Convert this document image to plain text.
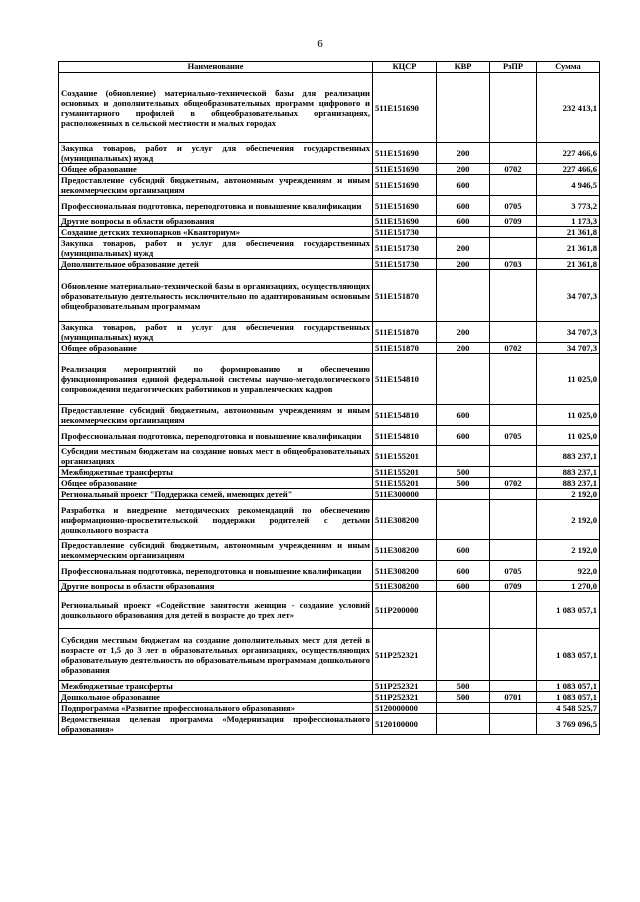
6
Наименование	КЦСР	КВР	РзПР	Сумма
Создание (обновление) материально-технической базы для реализации основных и дополнительных общеобразовательных программ цифрового и гуманитарного профилей в общеобразовательных организациях, расположенных в сельской местности и малых городах	511E151690			232 413,1
Закупка товаров, работ и услуг для обеспечения государственных (муниципальных) нужд	511E151690	200		227 466,6
Общее образование	511E151690	200	0702	227 466,6
Предоставление субсидий бюджетным, автономным учреждениям и иным некоммерческим организациям	511E151690	600		4 946,5
Профессиональная подготовка, переподготовка и повышение квалификации	511E151690	600	0705	3 773,2
Другие вопросы в области образования	511E151690	600	0709	1 173,3
Создание детских технопарков «Кванториум»	511E151730			21 361,8
Закупка товаров, работ и услуг для обеспечения государственных (муниципальных) нужд	511E151730	200		21 361,8
Дополнительное образование детей	511E151730	200	0703	21 361,8
Обновление материально-технической базы в организациях, осуществляющих образовательную деятельность исключительно по адаптированным основным общеобразовательным программам	511E151870			34 707,3
Закупка товаров, работ и услуг для обеспечения государственных (муниципальных) нужд	511E151870	200		34 707,3
Общее образование	511E151870	200	0702	34 707,3
Реализация мероприятий по формированию и обеспечению функционирования единой федеральной системы научно-методологического сопровождения педагогических работников и управленческих кадров	511E154810			11 025,0
Предоставление субсидий бюджетным, автономным учреждениям и иным некоммерческим организациям	511E154810	600		11 025,0
Профессиональная подготовка, переподготовка и повышение квалификации	511E154810	600	0705	11 025,0
Субсидии местным бюджетам на создание новых мест в общеобразовательных организациях	511E155201			883 237,1
Межбюджетные трансферты	511E155201	500		883 237,1
Общее образование	511E155201	500	0702	883 237,1
Региональный проект "Поддержка семей, имеющих детей"	511E300000			2 192,0
Разработка и внедрение методических рекомендаций по обеспечению информационно-просветительской поддержки родителей с детьми дошкольного возраста	511E308200			2 192,0
Предоставление субсидий бюджетным, автономным учреждениям и иным некоммерческим организациям	511E308200	600		2 192,0
Профессиональная подготовка, переподготовка и повышение квалификации	511E308200	600	0705	922,0
Другие вопросы в области образования	511E308200	600	0709	1 270,0
Региональный проект «Содействие занятости женщин - создание условий дошкольного образования для детей в возрасте до трех лет»	511P200000			1 083 057,1
Субсидии местным бюджетам на создание дополнительных мест для детей в возрасте от 1,5 до 3 лет в образовательных организациях, осуществляющих образовательную деятельность по образовательным программам дошкольного образования	511P252321			1 083 057,1
Межбюджетные трансферты	511P252321	500		1 083 057,1
Дошкольное образование	511P252321	500	0701	1 083 057,1
Подпрограмма «Развитие профессионального образования»	5120000000			4 548 525,7
Ведомственная целевая программа «Модернизация профессионального образования»	5120100000			3 769 096,5
